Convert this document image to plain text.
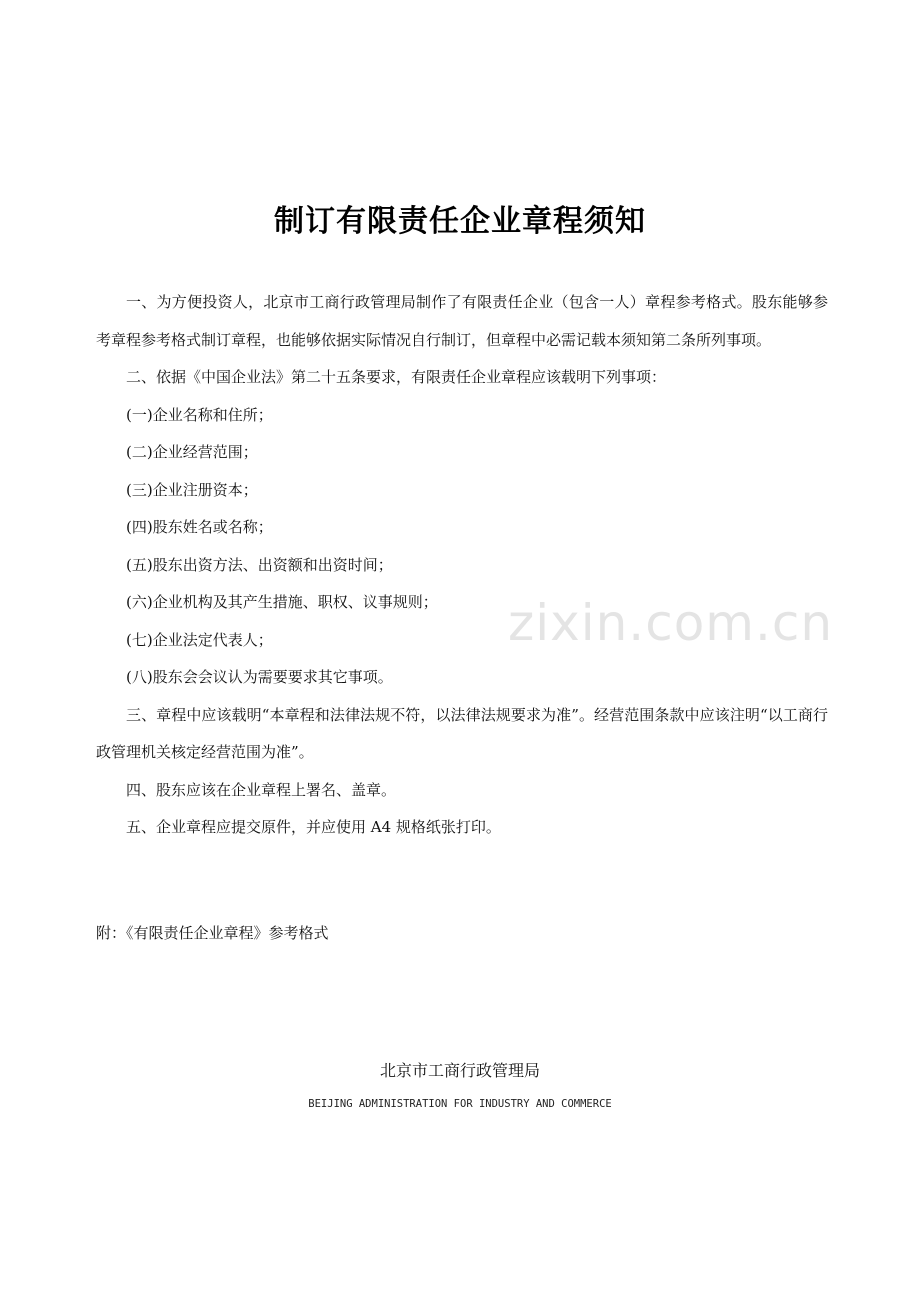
制订有限责任企业章程须知

一、为方便投资人，北京市工商行政管理局制作了有限责任企业（包含一人）章程参考格式。股东能够参考章程参考格式制订章程，也能够依据实际情况自行制订，但章程中必需记载本须知第二条所列事项。

二、依据《中国企业法》第二十五条要求，有限责任企业章程应该载明下列事项：

(一)企业名称和住所；

(二)企业经营范围；

(三)企业注册资本；

(四)股东姓名或名称；

(五)股东出资方法、出资额和出资时间；

(六)企业机构及其产生措施、职权、议事规则；

(七)企业法定代表人；

(八)股东会会议认为需要要求其它事项。

三、章程中应该载明“本章程和法律法规不符，以法律法规要求为准”。经营范围条款中应该注明“以工商行政管理机关核定经营范围为准”。

四、股东应该在企业章程上署名、盖章。

五、企业章程应提交原件，并应使用 A4 规格纸张打印。

附：《有限责任企业章程》参考格式
北京市工商行政管理局
BEIJING ADMINISTRATION FOR INDUSTRY AND COMMERCE
zixin.com.cn
